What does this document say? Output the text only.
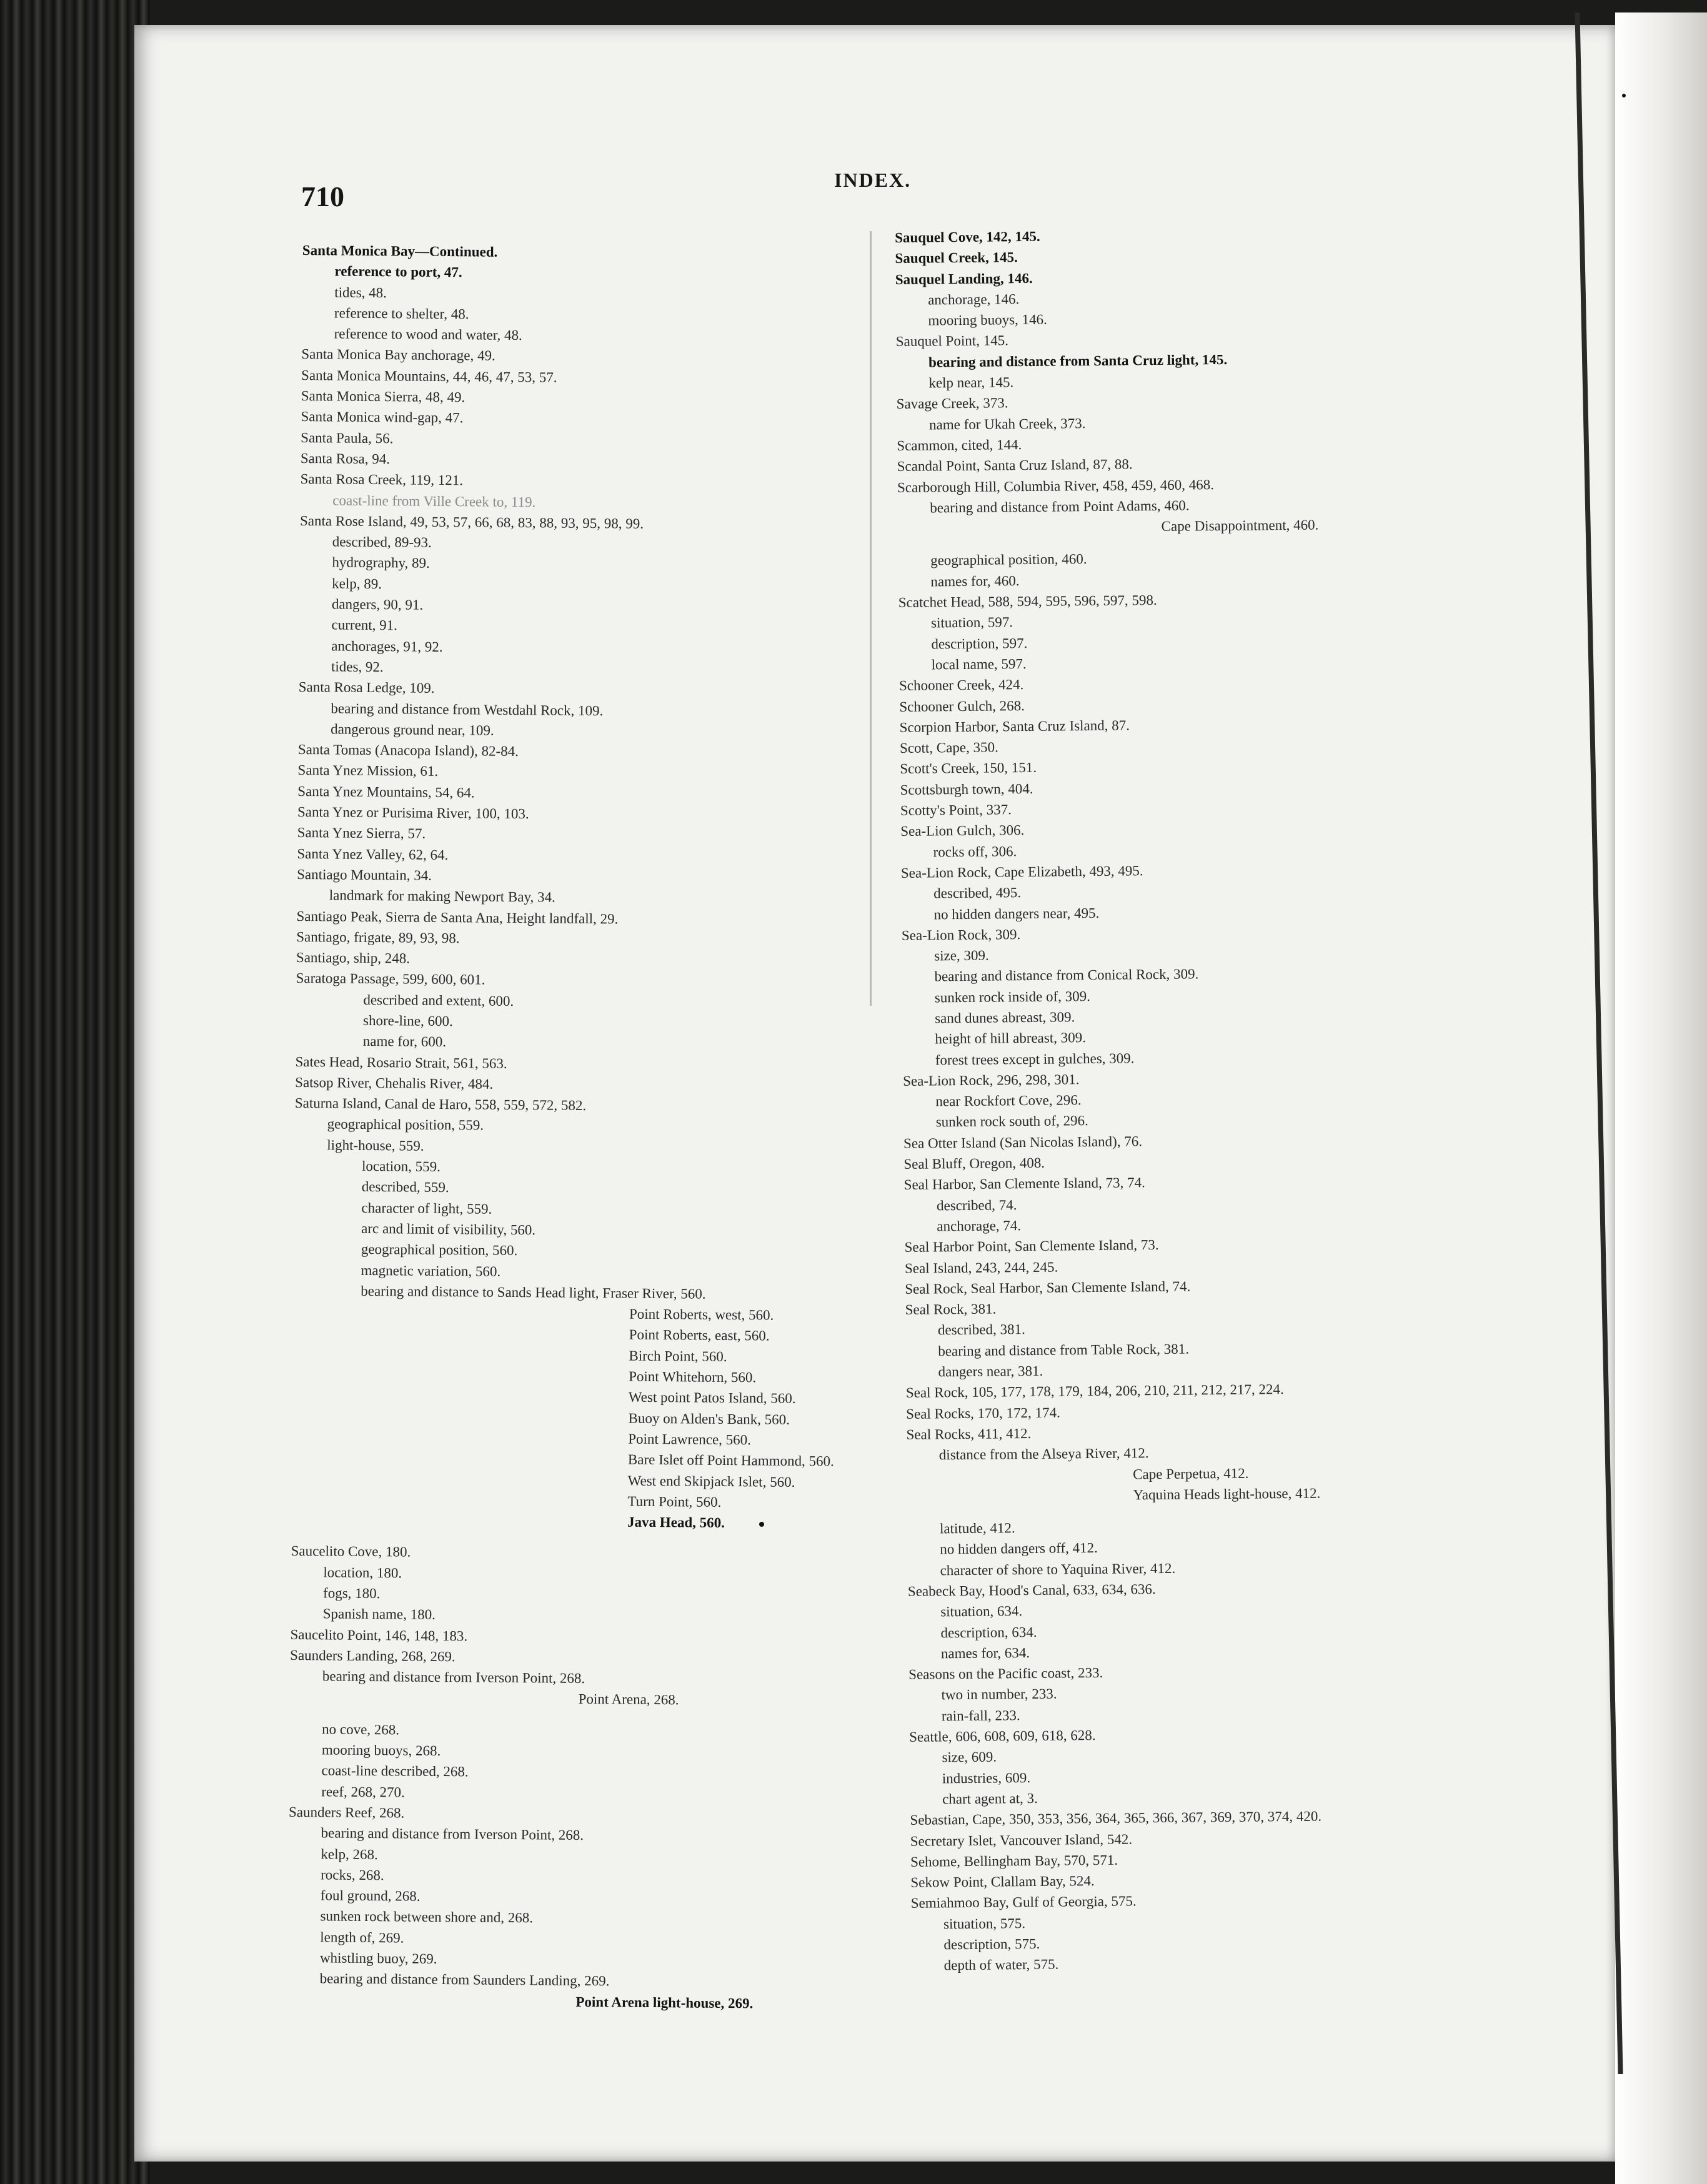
710
INDEX.
Santa Monica Bay—Continued.
reference to port, 47.
tides, 48.
reference to shelter, 48.
reference to wood and water, 48.
Santa Monica Bay anchorage, 49.
Santa Monica Mountains, 44, 46, 47, 53, 57.
Santa Monica Sierra, 48, 49.
Santa Monica wind-gap, 47.
Santa Paula, 56.
Santa Rosa, 94.
Santa Rosa Creek, 119, 121.
coast-line from Ville Creek to, 119.
Santa Rose Island, 49, 53, 57, 66, 68, 83, 88, 93, 95, 98, 99.
described, 89-93.
hydrography, 89.
kelp, 89.
dangers, 90, 91.
current, 91.
anchorages, 91, 92.
tides, 92.
Santa Rosa Ledge, 109.
bearing and distance from Westdahl Rock, 109.
dangerous ground near, 109.
Santa Tomas (Anacopa Island), 82-84.
Santa Ynez Mission, 61.
Santa Ynez Mountains, 54, 64.
Santa Ynez or Purisima River, 100, 103.
Santa Ynez Sierra, 57.
Santa Ynez Valley, 62, 64.
Santiago Mountain, 34.
landmark for making Newport Bay, 34.
Santiago Peak, Sierra de Santa Ana, Height landfall, 29.
Santiago, frigate, 89, 93, 98.
Santiago, ship, 248.
Saratoga Passage, 599, 600, 601.
described and extent, 600.
shore-line, 600.
name for, 600.
Sates Head, Rosario Strait, 561, 563.
Satsop River, Chehalis River, 484.
Saturna Island, Canal de Haro, 558, 559, 572, 582.
geographical position, 559.
light-house, 559.
location, 559.
described, 559.
character of light, 559.
arc and limit of visibility, 560.
geographical position, 560.
magnetic variation, 560.
bearing and distance to Sands Head light, Fraser River, 560.
Point Roberts, west, 560.
Point Roberts, east, 560.
Birch Point, 560.
Point Whitehorn, 560.
West point Patos Island, 560.
Buoy on Alden's Bank, 560.
Point Lawrence, 560.
Bare Islet off Point Hammond, 560.
West end Skipjack Islet, 560.
Turn Point, 560.
Java Head, 560.
Saucelito Cove, 180.
location, 180.
fogs, 180.
Spanish name, 180.
Saucelito Point, 146, 148, 183.
Saunders Landing, 268, 269.
bearing and distance from Iverson Point, 268.
Point Arena, 268.
no cove, 268.
mooring buoys, 268.
coast-line described, 268.
reef, 268, 270.
Saunders Reef, 268.
bearing and distance from Iverson Point, 268.
kelp, 268.
rocks, 268.
foul ground, 268.
sunken rock between shore and, 268.
length of, 269.
whistling buoy, 269.
bearing and distance from Saunders Landing, 269.
Point Arena light-house, 269.
Sauquel Cove, 142, 145.
Sauquel Creek, 145.
Sauquel Landing, 146.
anchorage, 146.
mooring buoys, 146.
Sauquel Point, 145.
bearing and distance from Santa Cruz light, 145.
kelp near, 145.
Savage Creek, 373.
name for Ukah Creek, 373.
Scammon, cited, 144.
Scandal Point, Santa Cruz Island, 87, 88.
Scarborough Hill, Columbia River, 458, 459, 460, 468.
bearing and distance from Point Adams, 460.
Cape Disappointment, 460.
geographical position, 460.
names for, 460.
Scatchet Head, 588, 594, 595, 596, 597, 598.
situation, 597.
description, 597.
local name, 597.
Schooner Creek, 424.
Schooner Gulch, 268.
Scorpion Harbor, Santa Cruz Island, 87.
Scott, Cape, 350.
Scott's Creek, 150, 151.
Scottsburgh town, 404.
Scotty's Point, 337.
Sea-Lion Gulch, 306.
rocks off, 306.
Sea-Lion Rock, Cape Elizabeth, 493, 495.
described, 495.
no hidden dangers near, 495.
Sea-Lion Rock, 309.
size, 309.
bearing and distance from Conical Rock, 309.
sunken rock inside of, 309.
sand dunes abreast, 309.
height of hill abreast, 309.
forest trees except in gulches, 309.
Sea-Lion Rock, 296, 298, 301.
near Rockfort Cove, 296.
sunken rock south of, 296.
Sea Otter Island (San Nicolas Island), 76.
Seal Bluff, Oregon, 408.
Seal Harbor, San Clemente Island, 73, 74.
described, 74.
anchorage, 74.
Seal Harbor Point, San Clemente Island, 73.
Seal Island, 243, 244, 245.
Seal Rock, Seal Harbor, San Clemente Island, 74.
Seal Rock, 381.
described, 381.
bearing and distance from Table Rock, 381.
dangers near, 381.
Seal Rock, 105, 177, 178, 179, 184, 206, 210, 211, 212, 217, 224.
Seal Rocks, 170, 172, 174.
Seal Rocks, 411, 412.
distance from the Alseya River, 412.
Cape Perpetua, 412.
Yaquina Heads light-house, 412.
latitude, 412.
no hidden dangers off, 412.
character of shore to Yaquina River, 412.
Seabeck Bay, Hood's Canal, 633, 634, 636.
situation, 634.
description, 634.
names for, 634.
Seasons on the Pacific coast, 233.
two in number, 233.
rain-fall, 233.
Seattle, 606, 608, 609, 618, 628.
size, 609.
industries, 609.
chart agent at, 3.
Sebastian, Cape, 350, 353, 356, 364, 365, 366, 367, 369, 370, 374, 420.
Secretary Islet, Vancouver Island, 542.
Sehome, Bellingham Bay, 570, 571.
Sekow Point, Clallam Bay, 524.
Semiahmoo Bay, Gulf of Georgia, 575.
situation, 575.
description, 575.
depth of water, 575.
